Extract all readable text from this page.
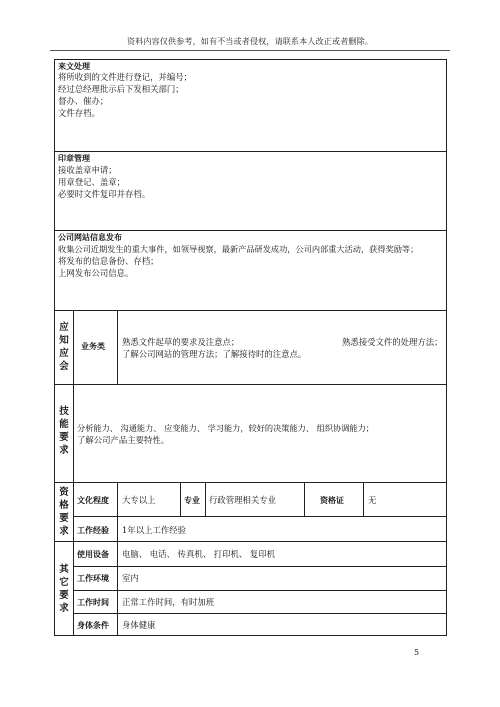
资料内容仅供参考，如有不当或者侵权，请联系本人改正或者删除。
来文处理
将所收到的文件进行登记，并编号；
经过总经理批示后下发相关部门；
督办、催办；
文件存档。
印章管理
接收盖章申请；
用章登记、盖章；
必要时文件复印并存档。
公司网站信息发布
收集公司近期发生的重大事件，如领导视察，最新产品研发成功，公司内部重大活动，获得奖励等；
将发布的信息备份、存档；
上网发布公司信息。
应知应会
业务类 熟悉文件起草的要求及注意点；	熟悉接受文件的处理方法；
了解公司网站的管理方法；了解接待时的注意点。
技能要求
分析能力、 沟通能力、 应变能力、 学习能力，较好的决策能力、 组织协调能力；
了解公司产品主要特性。
资格要求
文化程度 大专以上	专业 行政管理相关专业	资格证	无
工作经验 1年以上工作经验
其它要求
使用设备 电脑、 电话、 传真机、 打印机、 复印机
工作环境 室内
工作时间 正常工作时间，有时加班
身体条件 身体健康
5
